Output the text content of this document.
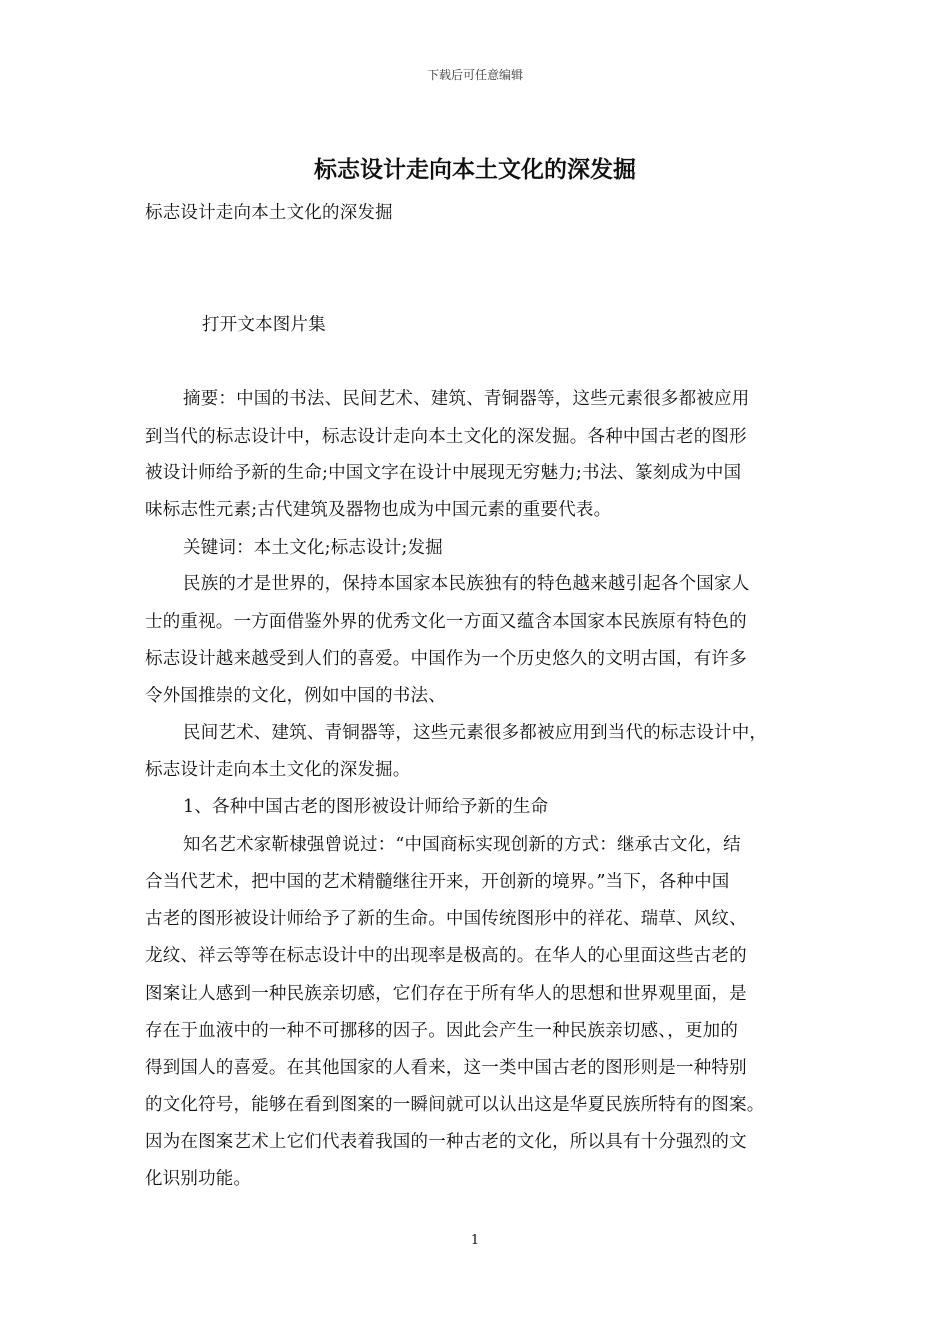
下载后可任意编辑
标志设计走向本土文化的深发掘
标志设计走向本土文化的深发掘
打开文本图片集
摘要：中国的书法、民间艺术、建筑、青铜器等，这些元素很多都被应用
到当代的标志设计中，标志设计走向本土文化的深发掘。各种中国古老的图形
被设计师给予新的生命;中国文字在设计中展现无穷魅力;书法、篆刻成为中国
味标志性元素;古代建筑及器物也成为中国元素的重要代表。
关键词：本土文化;标志设计;发掘
民族的才是世界的，保持本国家本民族独有的特色越来越引起各个国家人
士的重视。一方面借鉴外界的优秀文化一方面又蕴含本国家本民族原有特色的
标志设计越来越受到人们的喜爱。中国作为一个历史悠久的文明古国，有许多
令外国推崇的文化，例如中国的书法、
民间艺术、建筑、青铜器等，这些元素很多都被应用到当代的标志设计中，
标志设计走向本土文化的深发掘。
1、各种中国古老的图形被设计师给予新的生命
知名艺术家靳棣强曾说过：“中国商标实现创新的方式：继承古文化，结
合当代艺术，把中国的艺术精髓继往开来，开创新的境界。”当下，各种中国
古老的图形被设计师给予了新的生命。中国传统图形中的祥花、瑞草、风纹、
龙纹、祥云等等在标志设计中的出现率是极高的。在华人的心里面这些古老的
图案让人感到一种民族亲切感，它们存在于所有华人的思想和世界观里面，是
存在于血液中的一种不可挪移的因子。因此会产生一种民族亲切感、，更加的
得到国人的喜爱。在其他国家的人看来，这一类中国古老的图形则是一种特别
的文化符号，能够在看到图案的一瞬间就可以认出这是华夏民族所特有的图案。
因为在图案艺术上它们代表着我国的一种古老的文化，所以具有十分强烈的文
化识别功能。
1
